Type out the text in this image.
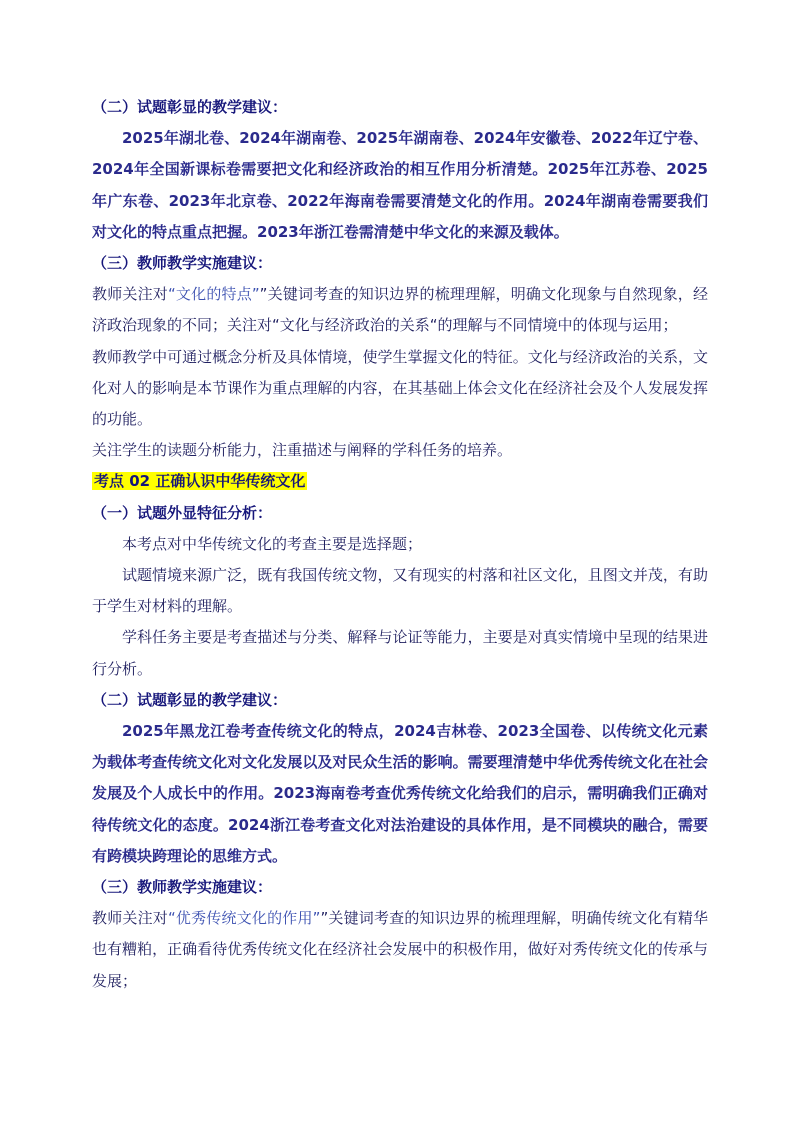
（二）试题彰显的教学建议：

2025年湖北卷、2024年湖南卷、2025年湖南卷、2024年安徽卷、2022年辽宁卷、2024年全国新课标卷需要把文化和经济政治的相互作用分析清楚。2025年江苏卷、2025年广东卷、2023年北京卷、2022年海南卷需要清楚文化的作用。2024年湖南卷需要我们对文化的特点重点把握。2023年浙江卷需清楚中华文化的来源及载体。

（三）教师教学实施建议：

教师关注对“文化的特点””关键词考查的知识边界的梳理理解，明确文化现象与自然现象，经济政治现象的不同；关注对“文化与经济政治的关系“的理解与不同情境中的体现与运用；

教师教学中可通过概念分析及具体情境，使学生掌握文化的特征。文化与经济政治的关系，文化对人的影响是本节课作为重点理解的内容，在其基础上体会文化在经济社会及个人发展发挥的功能。

关注学生的读题分析能力，注重描述与阐释的学科任务的培养。

考点 02 正确认识中华传统文化

（一）试题外显特征分析：

本考点对中华传统文化的考查主要是选择题；

试题情境来源广泛，既有我国传统文物，又有现实的村落和社区文化，且图文并茂，有助于学生对材料的理解。

学科任务主要是考查描述与分类、解释与论证等能力，主要是对真实情境中呈现的结果进行分析。

（二）试题彰显的教学建议：

2025年黑龙江卷考查传统文化的特点，2024吉林卷、2023全国卷、以传统文化元素为载体考查传统文化对文化发展以及对民众生活的影响。需要理清楚中华优秀传统文化在社会发展及个人成长中的作用。2023海南卷考查优秀传统文化给我们的启示，需明确我们正确对待传统文化的态度。2024浙江卷考查文化对法治建设的具体作用，是不同模块的融合，需要有跨模块跨理论的思维方式。

（三）教师教学实施建议：

教师关注对“优秀传统文化的作用””关键词考查的知识边界的梳理理解，明确传统文化有精华也有糟粕，正确看待优秀传统文化在经济社会发展中的积极作用，做好对秀传统文化的传承与发展；
